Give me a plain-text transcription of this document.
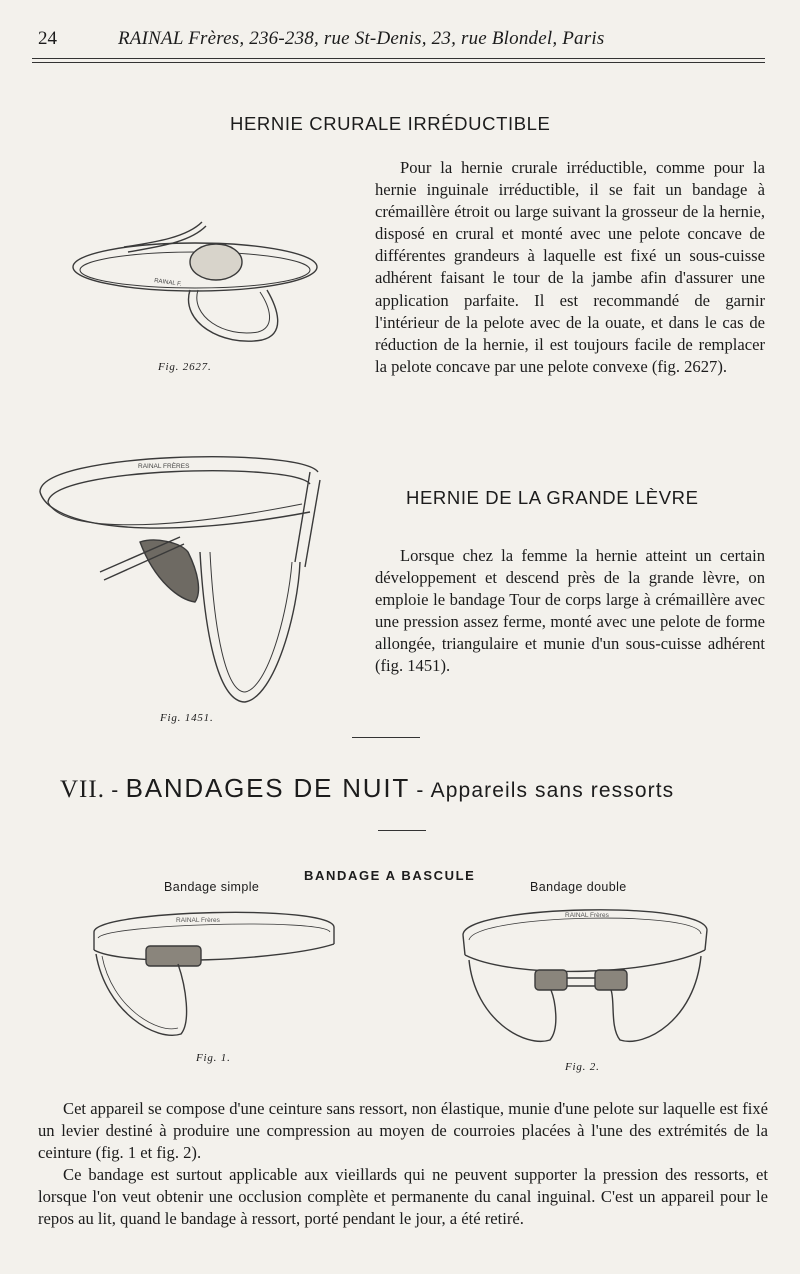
24	RAINAL Frères, 236-238, rue St-Denis, 23, rue Blondel, Paris
HERNIE CRURALE IRRÉDUCTIBLE

Pour la hernie crurale irréductible, comme pour la hernie inguinale irréductible, il se fait un bandage à crémaillère étroit ou large suivant la grosseur de la hernie, disposé en crural et monté avec une pelote concave de différentes grandeurs à laquelle est fixé un sous-cuisse adhérent faisant le tour de la jambe afin d'assurer une application parfaite. Il est recommandé de garnir l'intérieur de la pelote avec de la ouate, et dans le cas de réduction de la hernie, il est toujours facile de remplacer la pelote concave par une pelote convexe (fig. 2627).

RAINAL F.
Fig. 2627.
HERNIE DE LA GRANDE LÈVRE

Lorsque chez la femme la hernie atteint un certain développement et descend près de la grande lèvre, on emploie le bandage Tour de corps large à crémaillère avec une pression assez ferme, monté avec une pelote de forme allongée, triangulaire et munie d'un sous-cuisse adhérent (fig. 1451).

RAINAL FRÈRES
Fig. 1451.
VII. - BANDAGES DE NUIT - Appareils sans ressorts
BANDAGE A BASCULE
Bandage simple	Bandage double
RAINAL Frères
Fig. 1.
RAINAL Frères
Fig. 2.

Cet appareil se compose d'une ceinture sans ressort, non élastique, munie d'une pelote sur laquelle est fixé un levier destiné à produire une compression au moyen de courroies placées à l'une des extrémités de la ceinture (fig. 1 et fig. 2).

Ce bandage est surtout applicable aux vieillards qui ne peuvent supporter la pression des ressorts, et lorsque l'on veut obtenir une occlusion complète et permanente du canal inguinal. C'est un appareil pour le repos au lit, quand le bandage à ressort, porté pendant le jour, a été retiré.
